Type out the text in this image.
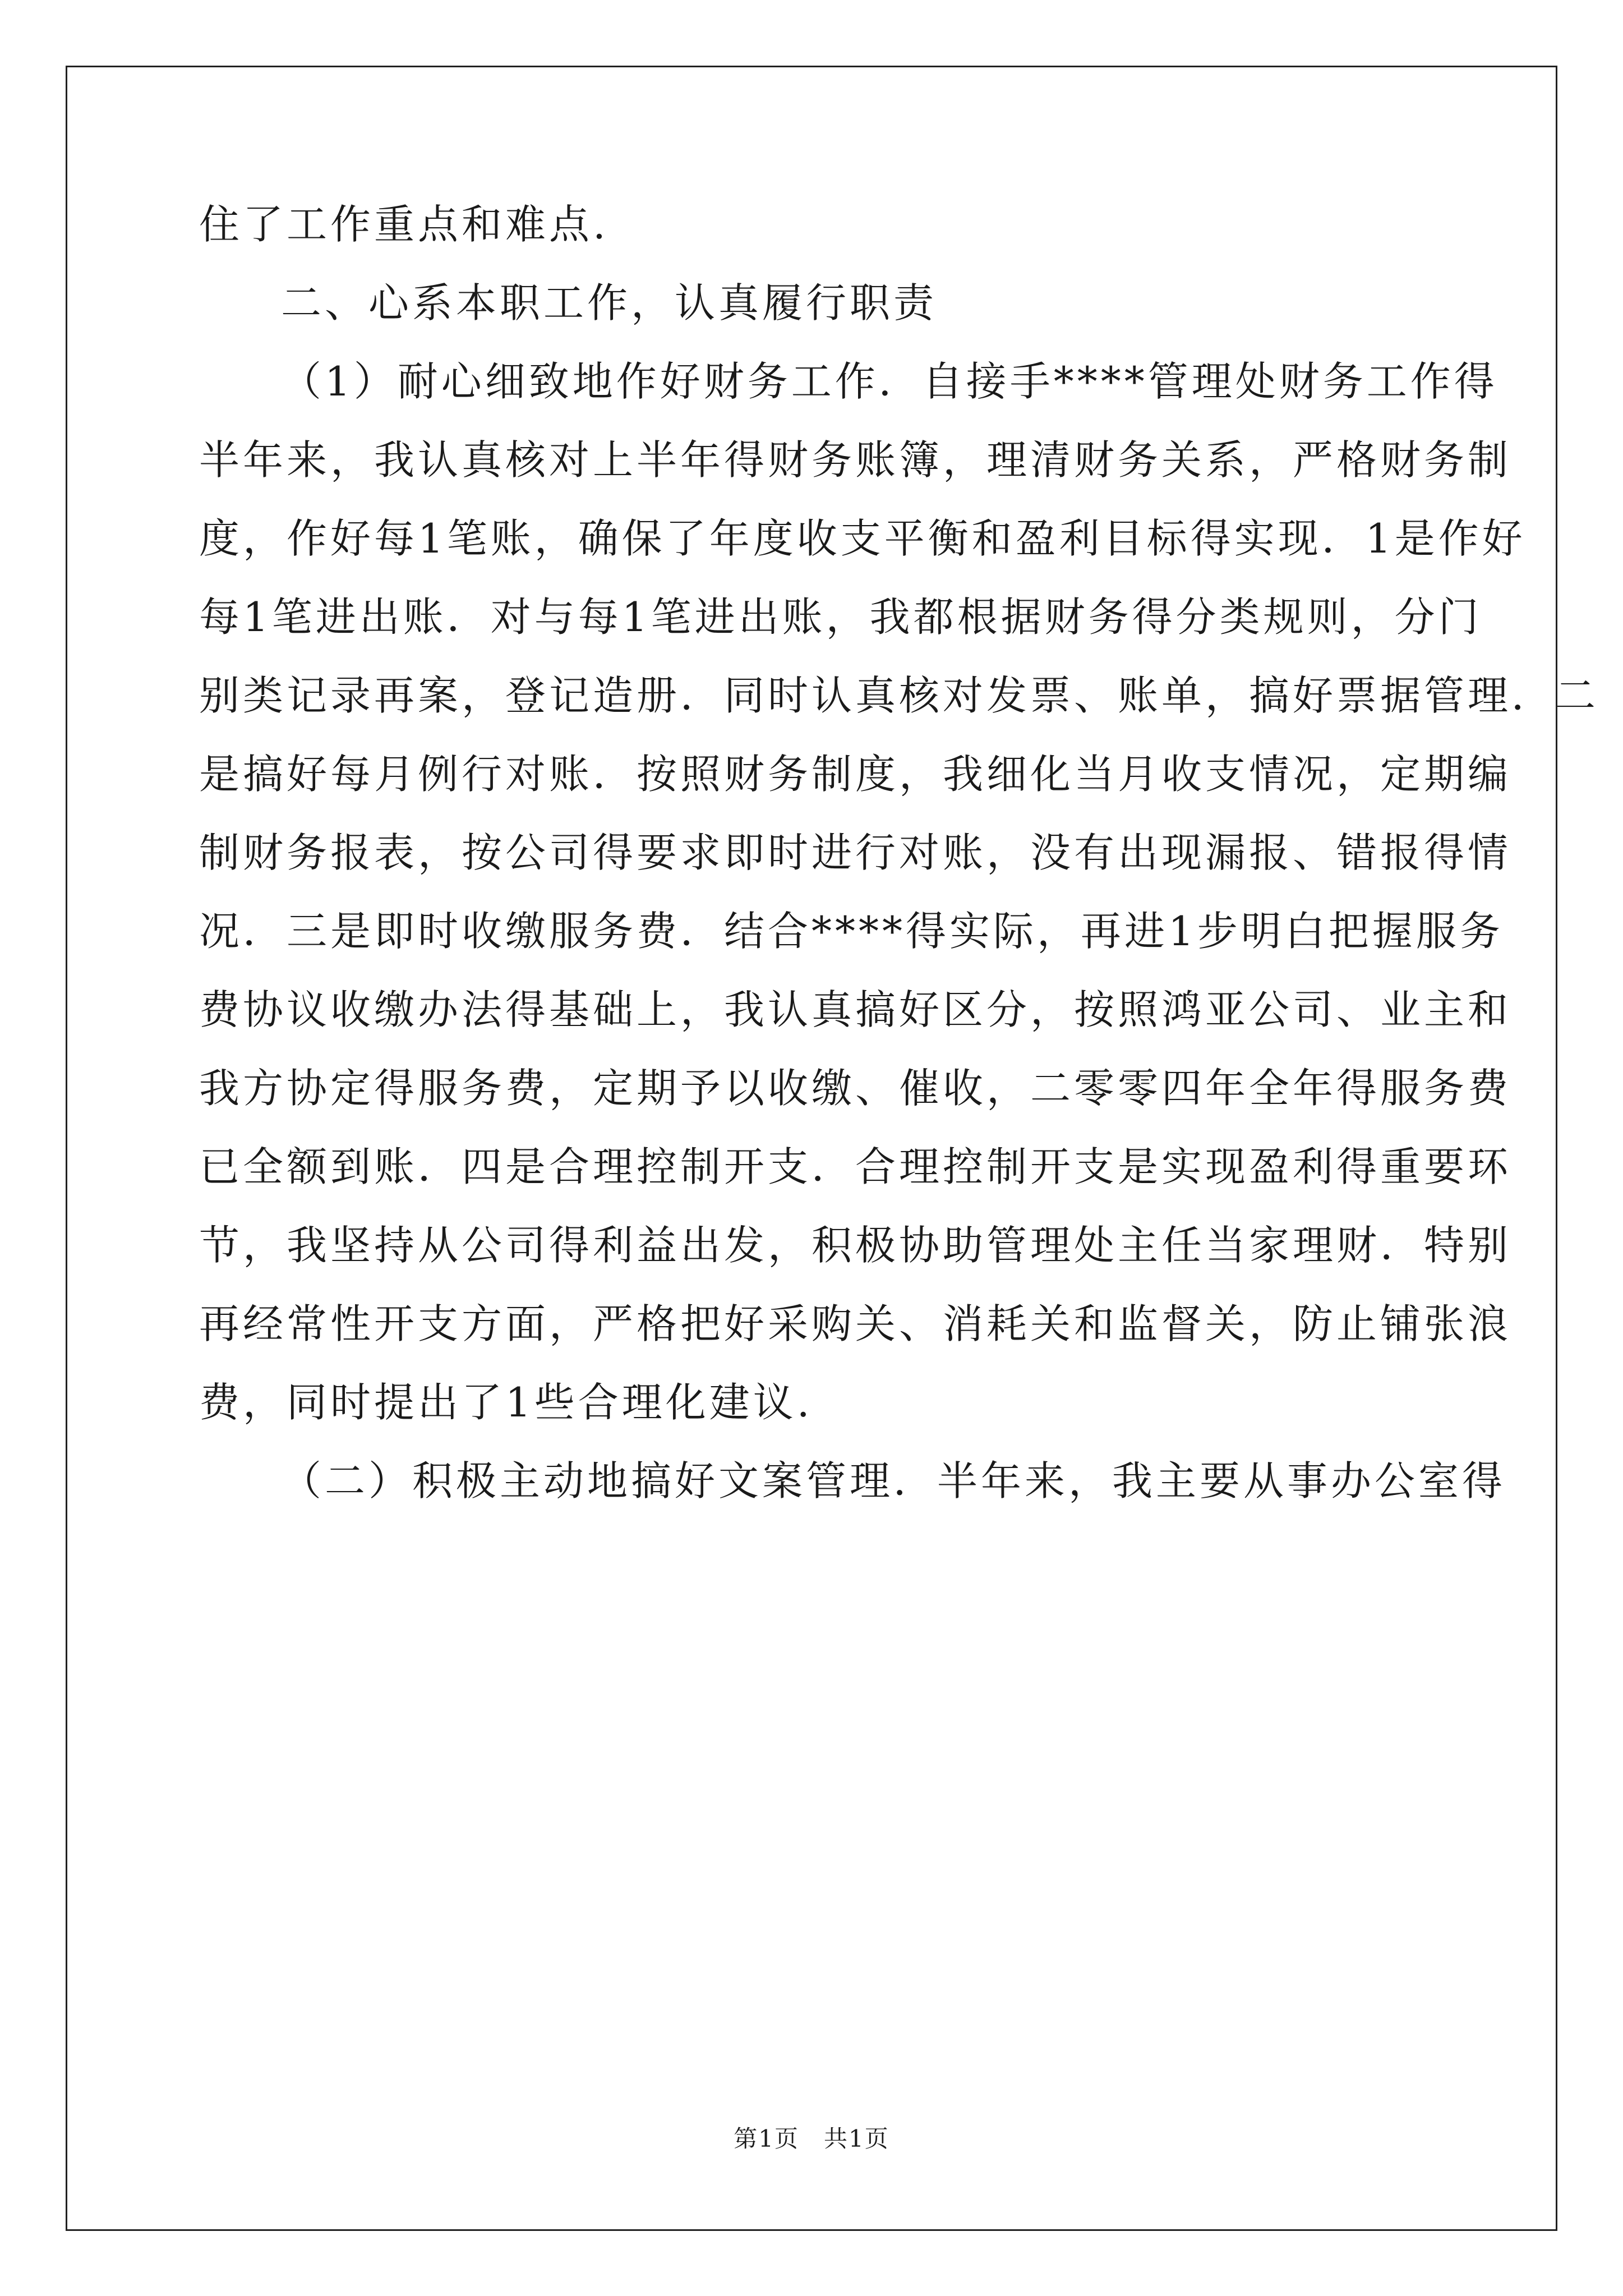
住了工作重点和难点.
二、心系本职工作，认真履行职责
（1）耐心细致地作好财务工作．自接手****管理处财务工作得
半年来，我认真核对上半年得财务账簿，理清财务关系，严格财务制
度，作好每1笔账，确保了年度收支平衡和盈利目标得实现．1是作好
每1笔进出账．对与每1笔进出账，我都根据财务得分类规则，分门
别类记录再案，登记造册．同时认真核对发票、账单，搞好票据管理．二
是搞好每月例行对账．按照财务制度，我细化当月收支情况，定期编
制财务报表，按公司得要求即时进行对账，没有出现漏报、错报得情
况．三是即时收缴服务费．结合****得实际，再进1步明白把握服务
费协议收缴办法得基础上，我认真搞好区分，按照鸿亚公司、业主和
我方协定得服务费，定期予以收缴、催收，二零零四年全年得服务费
已全额到账．四是合理控制开支．合理控制开支是实现盈利得重要环
节，我坚持从公司得利益出发，积极协助管理处主任当家理财．特别
再经常性开支方面，严格把好采购关、消耗关和监督关，防止铺张浪
费，同时提出了1些合理化建议.
（二）积极主动地搞好文案管理．半年来，我主要从事办公室得
第1页　共1页
